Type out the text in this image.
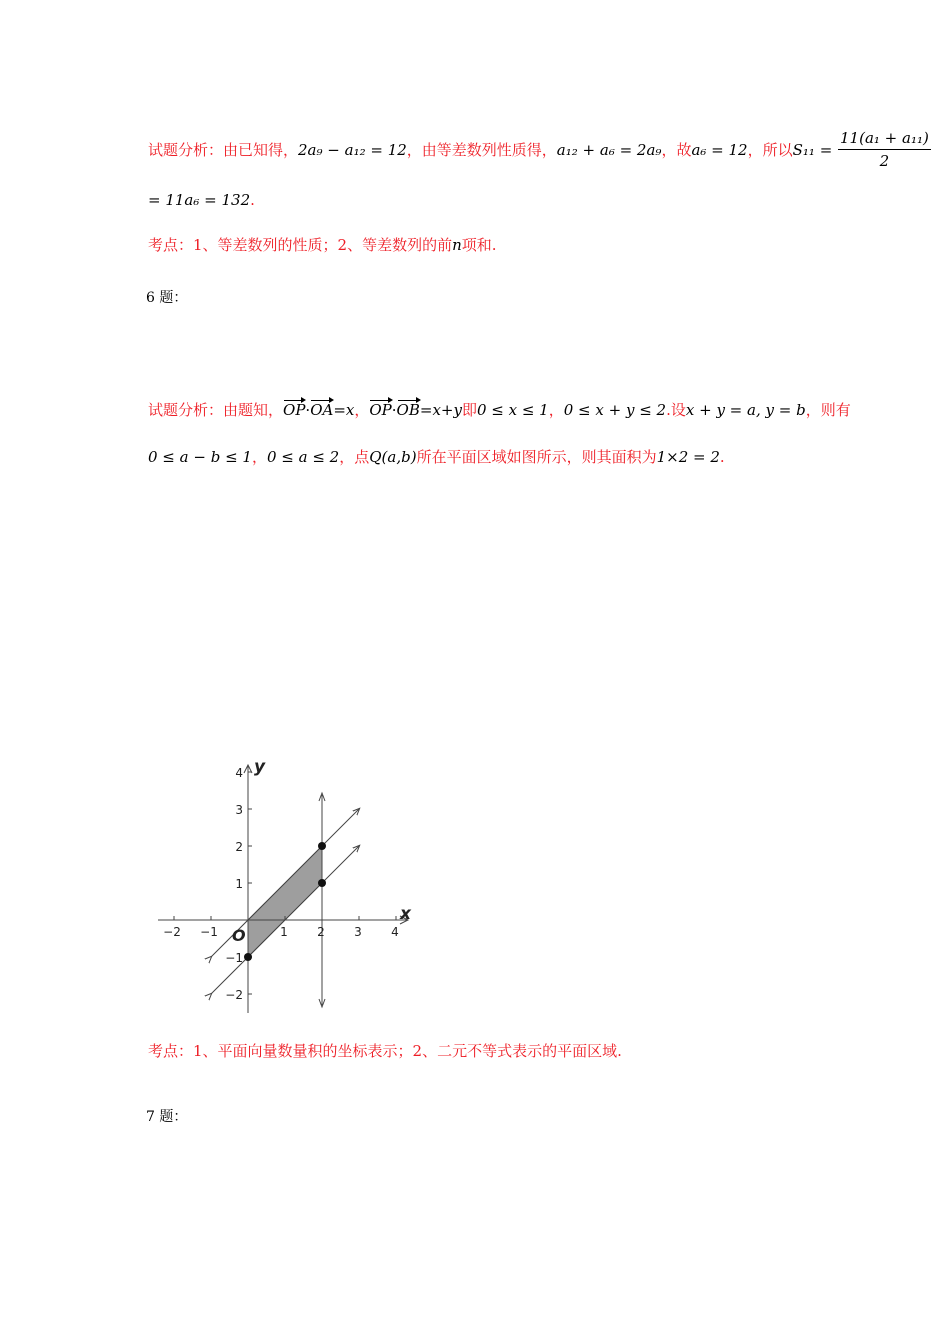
试题分析：由已知得，2a₉ − a₁₂ = 12，由等差数列性质得，a₁₂ + a₆ = 2a₉，故a₆ = 12，所以$S_{11} = \frac{\text{11(a₁ + a₁₁)}}{2}$
= 11a₆ = 132.
考点：1、等差数列的性质；2、等差数列的前n项和.
6 题：
试题分析：由题知，OP·OA=x，OP·OB=x+y即0 ≤ x ≤ 1，0 ≤ x + y ≤ 2.设x + y = a, y = b，则有
0 ≤ a − b ≤ 1，0 ≤ a ≤ 2，点Q(a,b)所在平面区域如图所示，则其面积为1×2 = 2.
x
y
O
−2 −1	1 2 3 4
4
3
2
1
−1
−2
考点：1、平面向量数量积的坐标表示；2、二元不等式表示的平面区域.
7 题：
